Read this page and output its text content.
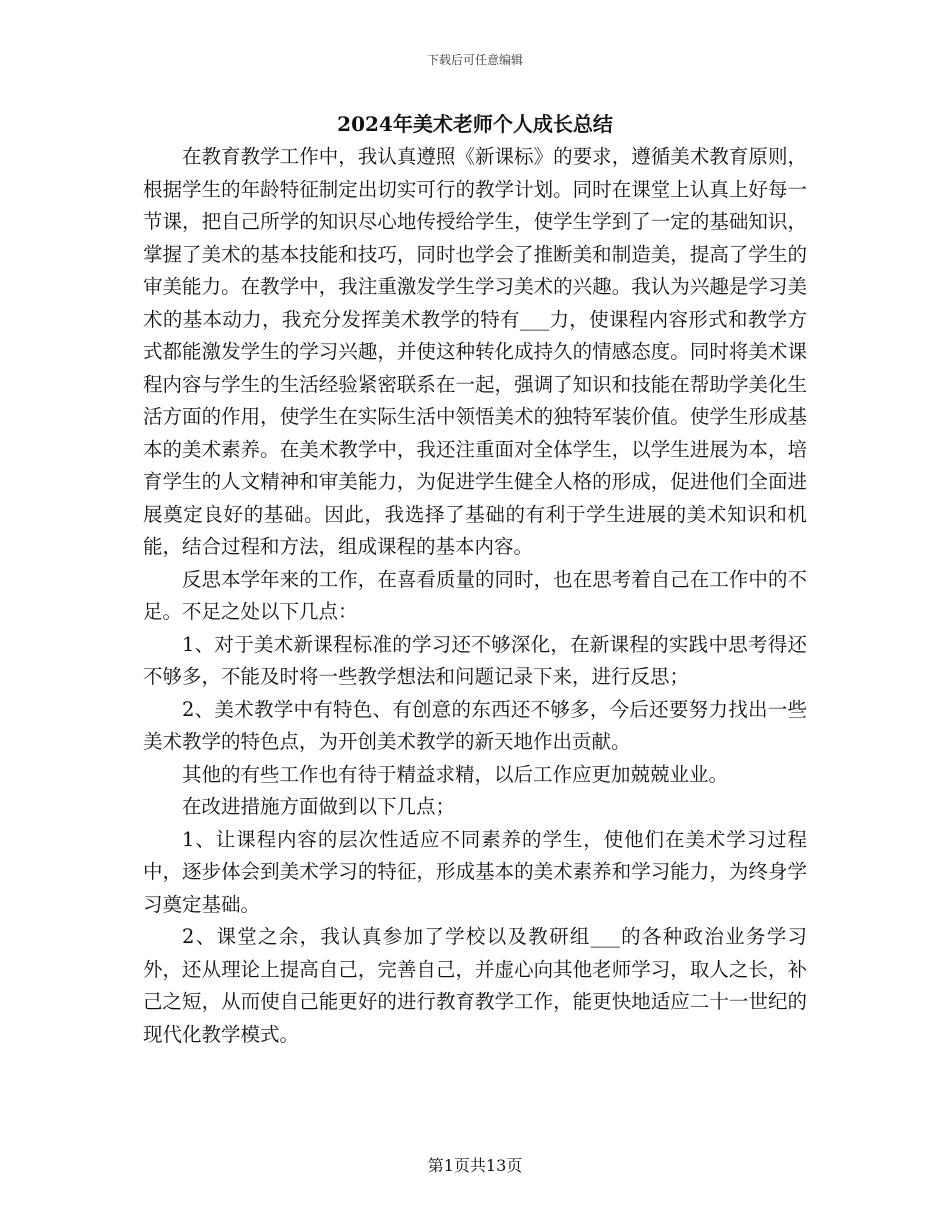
下载后可任意编辑
2024年美术老师个人成长总结

在教育教学工作中，我认真遵照《新课标》的要求，遵循美术教育原则，根据学生的年龄特征制定出切实可行的教学计划。同时在课堂上认真上好每一节课，把自己所学的知识尽心地传授给学生，使学生学到了一定的基础知识，掌握了美术的基本技能和技巧，同时也学会了推断美和制造美，提高了学生的审美能力。在教学中，我注重激发学生学习美术的兴趣。我认为兴趣是学习美术的基本动力，我充分发挥美术教学的特有___力，使课程内容形式和教学方式都能激发学生的学习兴趣，并使这种转化成持久的情感态度。同时将美术课程内容与学生的生活经验紧密联系在一起，强调了知识和技能在帮助学美化生活方面的作用，使学生在实际生活中领悟美术的独特军装价值。使学生形成基本的美术素养。在美术教学中，我还注重面对全体学生，以学生进展为本，培育学生的人文精神和审美能力，为促进学生健全人格的形成，促进他们全面进展奠定良好的基础。因此，我选择了基础的有利于学生进展的美术知识和机能，结合过程和方法，组成课程的基本内容。

反思本学年来的工作，在喜看质量的同时，也在思考着自己在工作中的不足。不足之处以下几点：

1、对于美术新课程标准的学习还不够深化，在新课程的实践中思考得还不够多，不能及时将一些教学想法和问题记录下来，进行反思；

2、美术教学中有特色、有创意的东西还不够多，今后还要努力找出一些美术教学的特色点，为开创美术教学的新天地作出贡献。

其他的有些工作也有待于精益求精，以后工作应更加兢兢业业。

在改进措施方面做到以下几点；

1、让课程内容的层次性适应不同素养的学生，使他们在美术学习过程中，逐步体会到美术学习的特征，形成基本的美术素养和学习能力，为终身学习奠定基础。

2、课堂之余，我认真参加了学校以及教研组___的各种政治业务学习外，还从理论上提高自己，完善自己，并虚心向其他老师学习，取人之长，补己之短，从而使自己能更好的进行教育教学工作，能更快地适应二十一世纪的现代化教学模式。

第1页共13页
